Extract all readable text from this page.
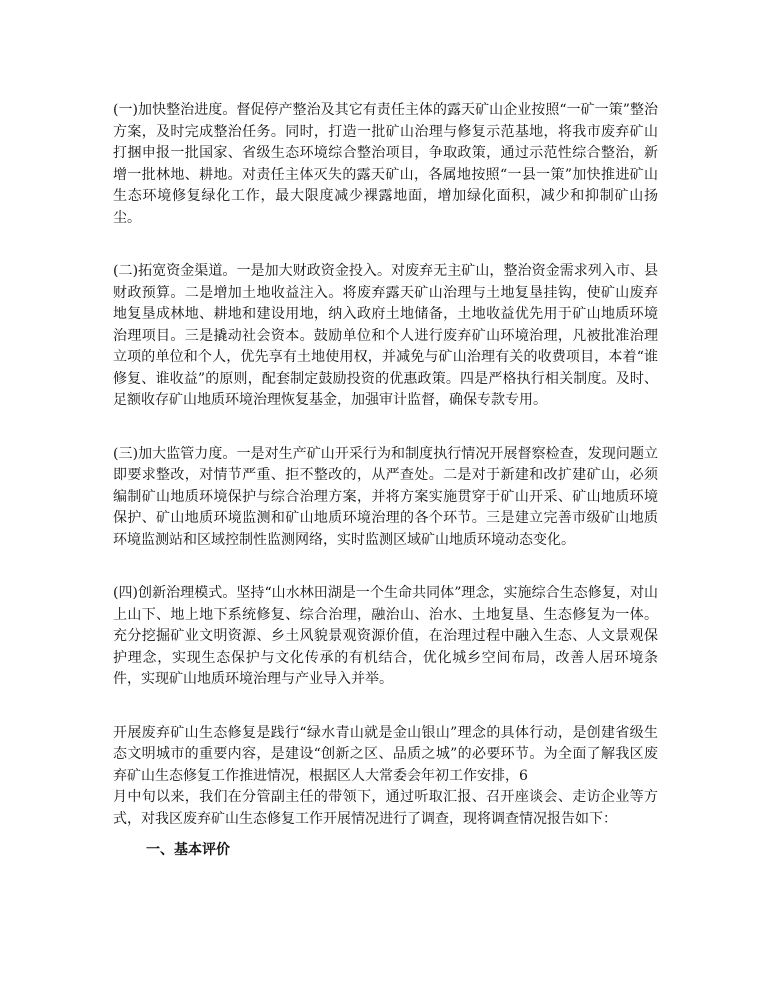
(一)加快整治进度。督促停产整治及其它有责任主体的露天矿山企业按照“一矿一策”整治方案，及时完成整治任务。同时，打造一批矿山治理与修复示范基地，将我市废弃矿山打捆申报一批国家、省级生态环境综合整治项目，争取政策，通过示范性综合整治，新增一批林地、耕地。对责任主体灭失的露天矿山，各属地按照“一县一策”加快推进矿山生态环境修复绿化工作，最大限度减少裸露地面，增加绿化面积，减少和抑制矿山扬尘。

(二)拓宽资金渠道。一是加大财政资金投入。对废弃无主矿山，整治资金需求列入市、县财政预算。二是增加土地收益注入。将废弃露天矿山治理与土地复垦挂钩，使矿山废弃地复垦成林地、耕地和建设用地，纳入政府土地储备，土地收益优先用于矿山地质环境治理项目。三是撬动社会资本。鼓励单位和个人进行废弃矿山环境治理，凡被批准治理立项的单位和个人，优先享有土地使用权，并减免与矿山治理有关的收费项目，本着“谁修复、谁收益”的原则，配套制定鼓励投资的优惠政策。四是严格执行相关制度。及时、足额收存矿山地质环境治理恢复基金，加强审计监督，确保专款专用。

(三)加大监管力度。一是对生产矿山开采行为和制度执行情况开展督察检查，发现问题立即要求整改，对情节严重、拒不整改的，从严查处。二是对于新建和改扩建矿山，必须编制矿山地质环境保护与综合治理方案，并将方案实施贯穿于矿山开采、矿山地质环境保护、矿山地质环境监测和矿山地质环境治理的各个环节。三是建立完善市级矿山地质环境监测站和区域控制性监测网络，实时监测区域矿山地质环境动态变化。

(四)创新治理模式。坚持“山水林田湖是一个生命共同体”理念，实施综合生态修复，对山上山下、地上地下系统修复、综合治理，融治山、治水、土地复垦、生态修复为一体。充分挖掘矿业文明资源、乡土风貌景观资源价值，在治理过程中融入生态、人文景观保护理念，实现生态保护与文化传承的有机结合，优化城乡空间布局，改善人居环境条件，实现矿山地质环境治理与产业导入并举。

开展废弃矿山生态修复是践行“绿水青山就是金山银山”理念的具体行动，是创建省级生态文明城市的重要内容，是建设“创新之区、品质之城”的必要环节。为全面了解我区废弃矿山生态修复工作推进情况，根据区人大常委会年初工作安排，6

月中旬以来，我们在分管副主任的带领下，通过听取汇报、召开座谈会、走访企业等方式，对我区废弃矿山生态修复工作开展情况进行了调查，现将调查情况报告如下：

一、基本评价
